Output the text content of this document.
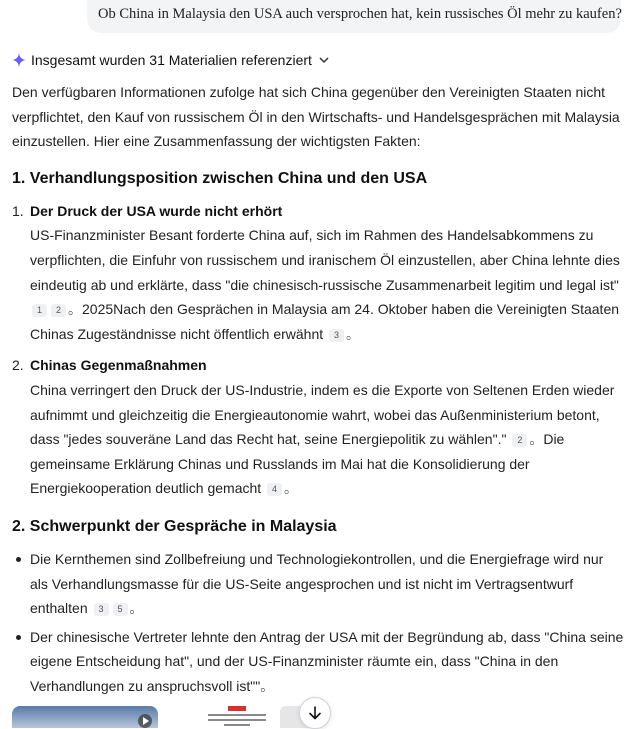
Ob China in Malaysia den USA auch versprochen hat, kein russisches Öl mehr zu kaufen?
Insgesamt wurden 31 Materialien referenziert

Den verfügbaren Informationen zufolge hat sich China gegenüber den Vereinigten Staaten nicht verpflichtet, den Kauf von russischem Öl in den Wirtschafts- und Handelsgesprächen mit Malaysia einzustellen. Hier eine Zusammenfassung der wichtigsten Fakten:

1. Verhandlungsposition zwischen China und den USA
1. Der Druck der USA wurde nicht erhört
US-Finanzminister Besant forderte China auf, sich im Rahmen des Handelsabkommens zu verpflichten, die Einfuhr von russischem und iranischem Öl einzustellen, aber China lehnte dies eindeutig ab und erklärte, dass "die chinesisch-russische Zusammenarbeit legitim und legal ist" 1 2 。2025Nach den Gesprächen in Malaysia am 24. Oktober haben die Vereinigten Staaten Chinas Zugeständnisse nicht öffentlich erwähnt 3 。
2. Chinas Gegenmaßnahmen
China verringert den Druck der US-Industrie, indem es die Exporte von Seltenen Erden wieder aufnimmt und gleichzeitig die Energieautonomie wahrt, wobei das Außenministerium betont, dass "jedes souveräne Land das Recht hat, seine Energiepolitik zu wählen"." 2 。Die gemeinsame Erklärung Chinas und Russlands im Mai hat die Konsolidierung der Energiekooperation deutlich gemacht 4 。
2. Schwerpunkt der Gespräche in Malaysia
Die Kernthemen sind Zollbefreiung und Technologiekontrollen, und die Energiefrage wird nur als Verhandlungsmasse für die US-Seite angesprochen und ist nicht im Vertragsentwurf enthalten 3 5 。
Der chinesische Vertreter lehnte den Antrag der USA mit der Begründung ab, dass "China seine eigene Entscheidung hat", und der US-Finanzminister räumte ein, dass "China in den Verhandlungen zu anspruchsvoll ist""。
